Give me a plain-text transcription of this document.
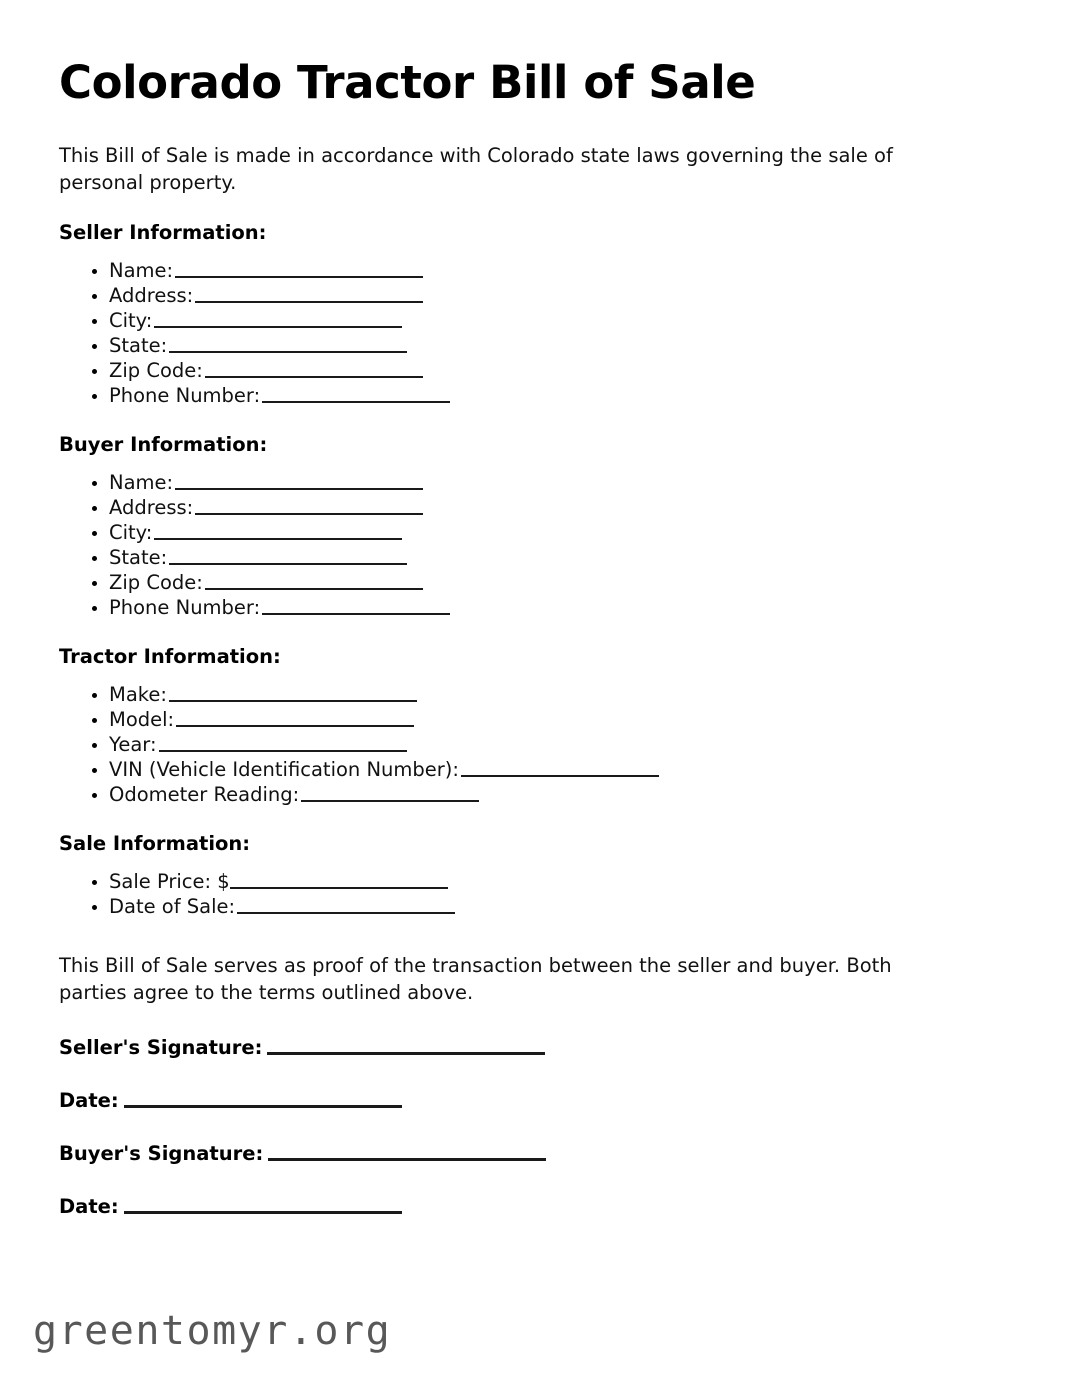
Colorado Tractor Bill of Sale

This Bill of Sale is made in accordance with Colorado state laws governing the sale of personal property.

Seller Information:
Name:
Address:
City:
State:
Zip Code:
Phone Number:
Buyer Information:
Name:
Address:
City:
State:
Zip Code:
Phone Number:
Tractor Information:
Make:
Model:
Year:
VIN (Vehicle Identification Number):
Odometer Reading:
Sale Information:
Sale Price: $
Date of Sale:

This Bill of Sale serves as proof of the transaction between the seller and buyer. Both parties agree to the terms outlined above.

Seller's Signature:
Date:
Buyer's Signature:
Date:
greentomyr.org
